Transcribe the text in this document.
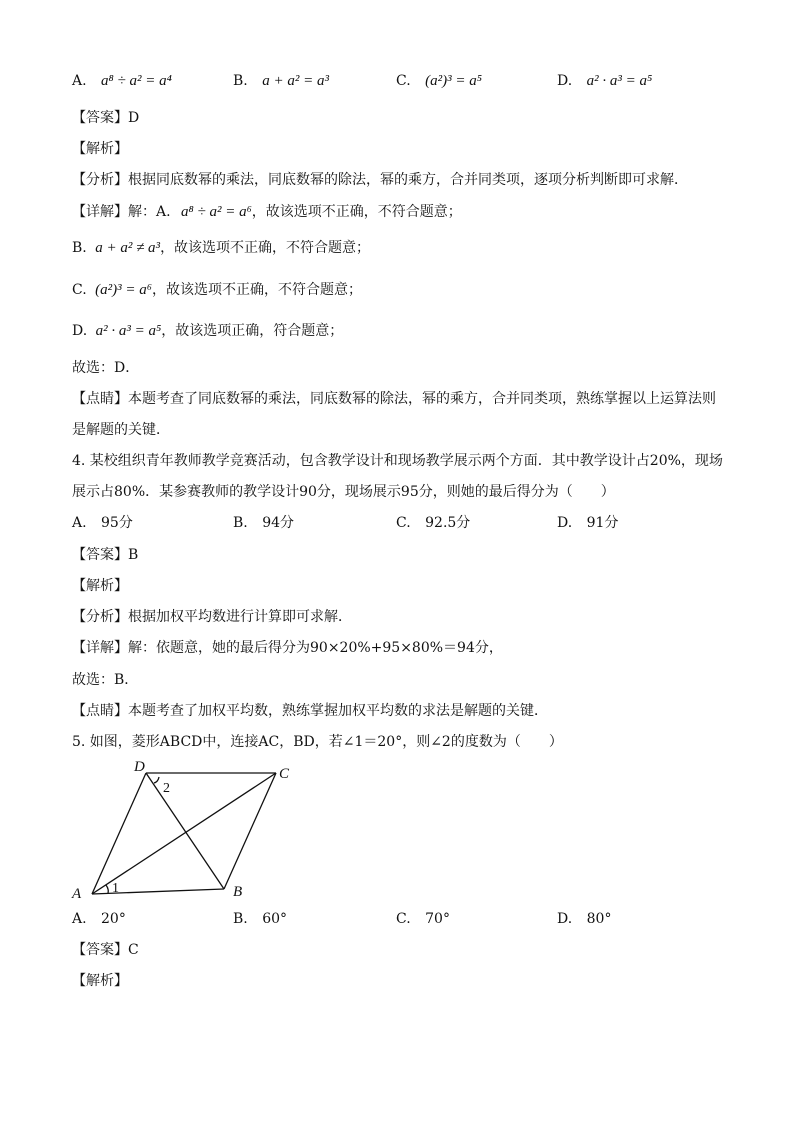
A. a⁸ ÷ a² = a⁴	B. a + a² = a³	C. (a²)³ = a⁵	D. a² · a³ = a⁵
【答案】D
【解析】
【分析】根据同底数幂的乘法，同底数幂的除法，幂的乘方，合并同类项，逐项分析判断即可求解．
【详解】解：A. a⁸ ÷ a² = a⁶，故该选项不正确，不符合题意；
B. a + a² ≠ a³，故该选项不正确，不符合题意；
C. (a²)³ = a⁶，故该选项不正确，不符合题意；
D. a² · a³ = a⁵，故该选项正确，符合题意；
故选：D．
【点睛】本题考查了同底数幂的乘法，同底数幂的除法，幂的乘方，合并同类项，熟练掌握以上运算法则
是解题的关键．
4. 某校组织青年教师教学竞赛活动，包含教学设计和现场教学展示两个方面．其中教学设计占20%，现场
展示占80%．某参赛教师的教学设计90分，现场展示95分，则她的最后得分为（　　）
A. 95分	B. 94分	C. 92.5分	D. 91分
【答案】B
【解析】
【分析】根据加权平均数进行计算即可求解．
【详解】解：依题意，她的最后得分为90×20%+95×80%＝94分，
故选：B．
【点睛】本题考查了加权平均数，熟练掌握加权平均数的求法是解题的关键．
5. 如图，菱形ABCD中，连接AC，BD，若∠1＝20°，则∠2的度数为（　　）
D	C
A	B
1
2
A. 20°	B. 60°	C. 70°	D. 80°
【答案】C
【解析】
